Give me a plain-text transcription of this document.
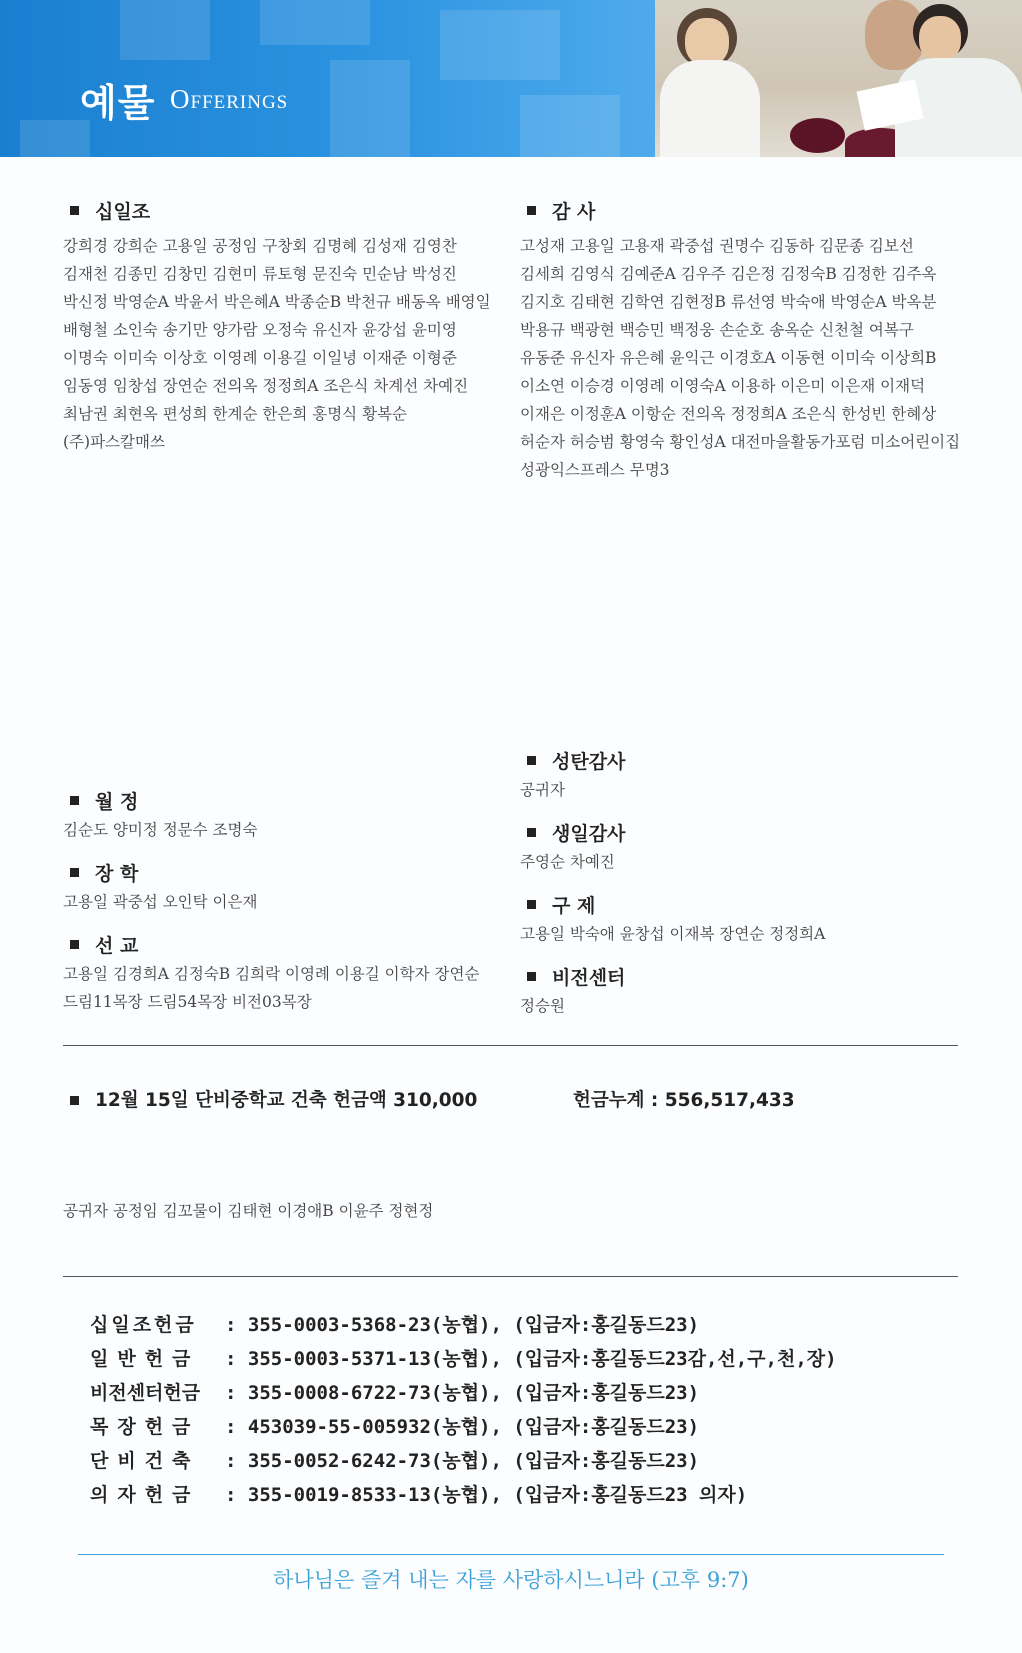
예물 Offerings
십일조
강희경 강희순 고용일 공정임 구창회 김명혜 김성재 김영찬
김재천 김종민 김창민 김현미 류토형 문진숙 민순남 박성진
박신정 박영순A 박윤서 박은혜A 박종순B 박천규 배동옥 배영일
배형철 소인숙 송기만 양가람 오정숙 유신자 윤강섭 윤미영
이명숙 이미숙 이상호 이영례 이용길 이일녕 이재준 이형준
임동영 임창섭 장연순 전의옥 정정희A 조은식 차계선 차예진
최남권 최현옥 편성희 한계순 한은희 홍명식 황복순
(주)파스칼매쓰
감 사
고성재 고용일 고용재 곽중섭 권명수 김동하 김문종 김보선
김세희 김영식 김예준A 김우주 김은정 김정숙B 김정한 김주옥
김지호 김태현 김학연 김현정B 류선영 박숙애 박영순A 박옥분
박용규 백광현 백승민 백정웅 손순호 송옥순 신천철 여복구
유동준 유신자 유은혜 윤익근 이경호A 이동현 이미숙 이상희B
이소연 이승경 이영례 이영숙A 이용하 이은미 이은재 이재덕
이재은 이정훈A 이항순 전의옥 정정희A 조은식 한성빈 한혜상
허순자 허승범 황영숙 황인성A 대전마을활동가포럼 미소어린이집
성광익스프레스 무명3
월 정
김순도 양미정 정문수 조명숙
장 학
고용일 곽중섭 오인탁 이은재
선 교
고용일 김경희A 김정숙B 김희락 이영례 이용길 이학자 장연순
드림11목장 드림54목장 비전03목장
성탄감사
공귀자
생일감사
주영순 차예진
구 제
고용일 박숙애 윤창섭 이재복 장연순 정정희A
비전센터
정승원
12월 15일 단비중학교 건축 헌금액 310,000	헌금누계 : 556,517,433
공귀자 공정임 김꼬물이 김태현 이경애B 이윤주 정현정
십일조헌금 : 355-0003-5368-23(농협), (입금자:홍길동드23)
일반헌금 : 355-0003-5371-13(농협), (입금자:홍길동드23감,선,구,천,장)
비전센터헌금 : 355-0008-6722-73(농협), (입금자:홍길동드23)
목장헌금 : 453039-55-005932(농협), (입금자:홍길동드23)
단비건축 : 355-0052-6242-73(농협), (입금자:홍길동드23)
의자헌금 : 355-0019-8533-13(농협), (입금자:홍길동드23 의자)
하나님은 즐겨 내는 자를 사랑하시느니라 (고후 9:7)
